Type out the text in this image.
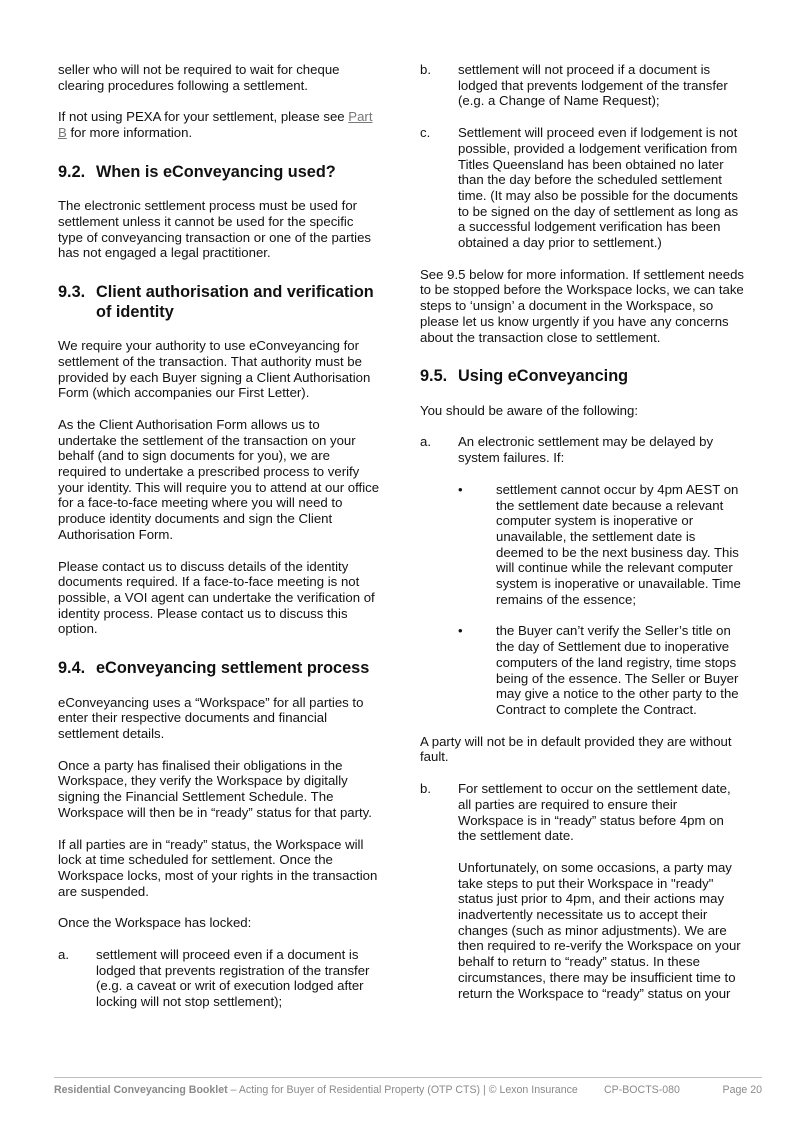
seller who will not be required to wait for cheque clearing procedures following a settlement.

If not using PEXA for your settlement, please see Part B for more information.

9.2. When is eConveyancing used?

The electronic settlement process must be used for settlement unless it cannot be used for the specific type of conveyancing transaction or one of the parties has not engaged a legal practitioner.

9.3. Client authorisation and verification of identity

We require your authority to use eConveyancing for settlement of the transaction. That authority must be provided by each Buyer signing a Client Authorisation Form (which accompanies our First Letter).

As the Client Authorisation Form allows us to undertake the settlement of the transaction on your behalf (and to sign documents for you), we are required to undertake a prescribed process to verify your identity. This will require you to attend at our office for a face-to-face meeting where you will need to produce identity documents and sign the Client Authorisation Form.

Please contact us to discuss details of the identity documents required. If a face-to-face meeting is not possible, a VOI agent can undertake the verification of identity process. Please contact us to discuss this option.

9.4. eConveyancing settlement process

eConveyancing uses a “Workspace” for all parties to enter their respective documents and financial settlement details.

Once a party has finalised their obligations in the Workspace, they verify the Workspace by digitally signing the Financial Settlement Schedule. The Workspace will then be in “ready” status for that party.

If all parties are in “ready” status, the Workspace will lock at time scheduled for settlement. Once the Workspace locks, most of your rights in the transaction are suspended.

Once the Workspace has locked:

a.	settlement will proceed even if a document is lodged that prevents registration of the transfer (e.g. a caveat or writ of execution lodged after locking will not stop settlement);
b.	settlement will not proceed if a document is lodged that prevents lodgement of the transfer (e.g. a Change of Name Request);
c.	Settlement will proceed even if lodgement is not possible, provided a lodgement verification from Titles Queensland has been obtained no later than the day before the scheduled settlement time. (It may also be possible for the documents to be signed on the day of settlement as long as a successful lodgement verification has been obtained a day prior to settlement.)

See 9.5 below for more information. If settlement needs to be stopped before the Workspace locks, we can take steps to ‘unsign’ a document in the Workspace, so please let us know urgently if you have any concerns about the transaction close to settlement.

9.5. Using eConveyancing

You should be aware of the following:

a.	An electronic settlement may be delayed by system failures. If:

•	settlement cannot occur by 4pm AEST on the settlement date because a relevant computer system is inoperative or unavailable, the settlement date is deemed to be the next business day. This will continue while the relevant computer system is inoperative or unavailable. Time remains of the essence;
•	the Buyer can’t verify the Seller’s title on the day of Settlement due to inoperative computers of the land registry, time stops being of the essence. The Seller or Buyer may give a notice to the other party to the Contract to complete the Contract.

A party will not be in default provided they are without fault.

b.	For settlement to occur on the settlement date, all parties are required to ensure their Workspace is in “ready” status before 4pm on the settlement date.

Unfortunately, on some occasions, a party may take steps to put their Workspace in "ready" status just prior to 4pm, and their actions may inadvertently necessitate us to accept their changes (such as minor adjustments). We are then required to re-verify the Workspace on your behalf to return to “ready” status. In these circumstances, there may be insufficient time to return the Workspace to “ready” status on your

Residential Conveyancing Booklet – Acting for Buyer of Residential Property (OTP CTS) | © Lexon Insurance	CP-BOCTS-080	Page 20
